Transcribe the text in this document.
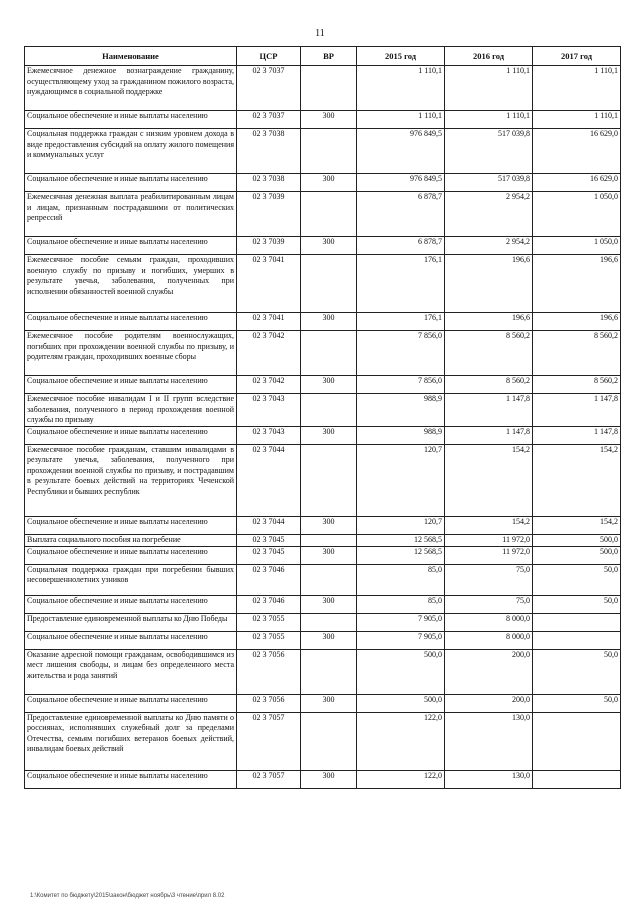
11
Наименование	ЦСР	ВР	2015 год	2016 год	2017 год
Ежемесячное денежное вознаграждение гражданину, осуществляющему уход за гражданином пожилого возраста, нуждающимся в социальной поддержке	02 3 7037		1 110,1	1 110,1	1 110,1
Социальное обеспечение и иные выплаты населению	02 3 7037	300	1 110,1	1 110,1	1 110,1
Социальная поддержка граждан с низким уровнем дохода в виде предоставления субсидий на оплату жилого помещения и коммунальных услуг	02 3 7038		976 849,5	517 039,8	16 629,0
Социальное обеспечение и иные выплаты населению	02 3 7038	300	976 849,5	517 039,8	16 629,0
Ежемесячная денежная выплата реабилитированным лицам и лицам, признанным пострадавшими от политических репрессий	02 3 7039		6 878,7	2 954,2	1 050,0
Социальное обеспечение и иные выплаты населению	02 3 7039	300	6 878,7	2 954,2	1 050,0
Ежемесячное пособие семьям граждан, проходивших военную службу по призыву и погибших, умерших в результате увечья, заболевания, полученных при исполнении обязанностей военной службы	02 3 7041		176,1	196,6	196,6
Социальное обеспечение и иные выплаты населению	02 3 7041	300	176,1	196,6	196,6
Ежемесячное пособие родителям военнослужащих, погибших при прохождении военной службы по призыву, и родителям граждан, проходивших военные сборы	02 3 7042		7 856,0	8 560,2	8 560,2
Социальное обеспечение и иные выплаты населению	02 3 7042	300	7 856,0	8 560,2	8 560,2
Ежемесячное пособие инвалидам I и II групп вследствие заболевания, полученного в период прохождения военной службы по призыву	02 3 7043		988,9	1 147,8	1 147,8
Социальное обеспечение и иные выплаты населению	02 3 7043	300	988,9	1 147,8	1 147,8
Ежемесячное пособие гражданам, ставшим инвалидами в результате увечья, заболевания, полученного при прохождении военной службы по призыву, и пострадавшим в результате боевых действий на территориях Чеченской Республики и бывших республик	02 3 7044		120,7	154,2	154,2
Социальное обеспечение и иные выплаты населению	02 3 7044	300	120,7	154,2	154,2
Выплата социального пособия на погребение	02 3 7045		12 568,5	11 972,0	500,0
Социальное обеспечение и иные выплаты населению	02 3 7045	300	12 568,5	11 972,0	500,0
Социальная поддержка граждан при погребении бывших несовершеннолетних узников	02 3 7046		85,0	75,0	50,0
Социальное обеспечение и иные выплаты населению	02 3 7046	300	85,0	75,0	50,0
Предоставление единовременной выплаты ко Дню Победы	02 3 7055		7 905,0	8 000,0	
Социальное обеспечение и иные выплаты населению	02 3 7055	300	7 905,0	8 000,0	
Оказание адресной помощи гражданам, освободившимся из мест лишения свободы, и лицам без определенного места жительства и рода занятий	02 3 7056		500,0	200,0	50,0
Социальное обеспечение и иные выплаты населению	02 3 7056	300	500,0	200,0	50,0
Предоставление единовременной выплаты ко Дню памяти о россиянах, исполнявших служебный долг за пределами Отечества, семьям погибших ветеранов боевых действий, инвалидам боевых действий	02 3 7057		122,0	130,0	
Социальное обеспечение и иные выплаты населению	02 3 7057	300	122,0	130,0	
1:\Комитет по бюджету\2015\закон\бюджет ноябрь\3 чтение\прил 8.02
